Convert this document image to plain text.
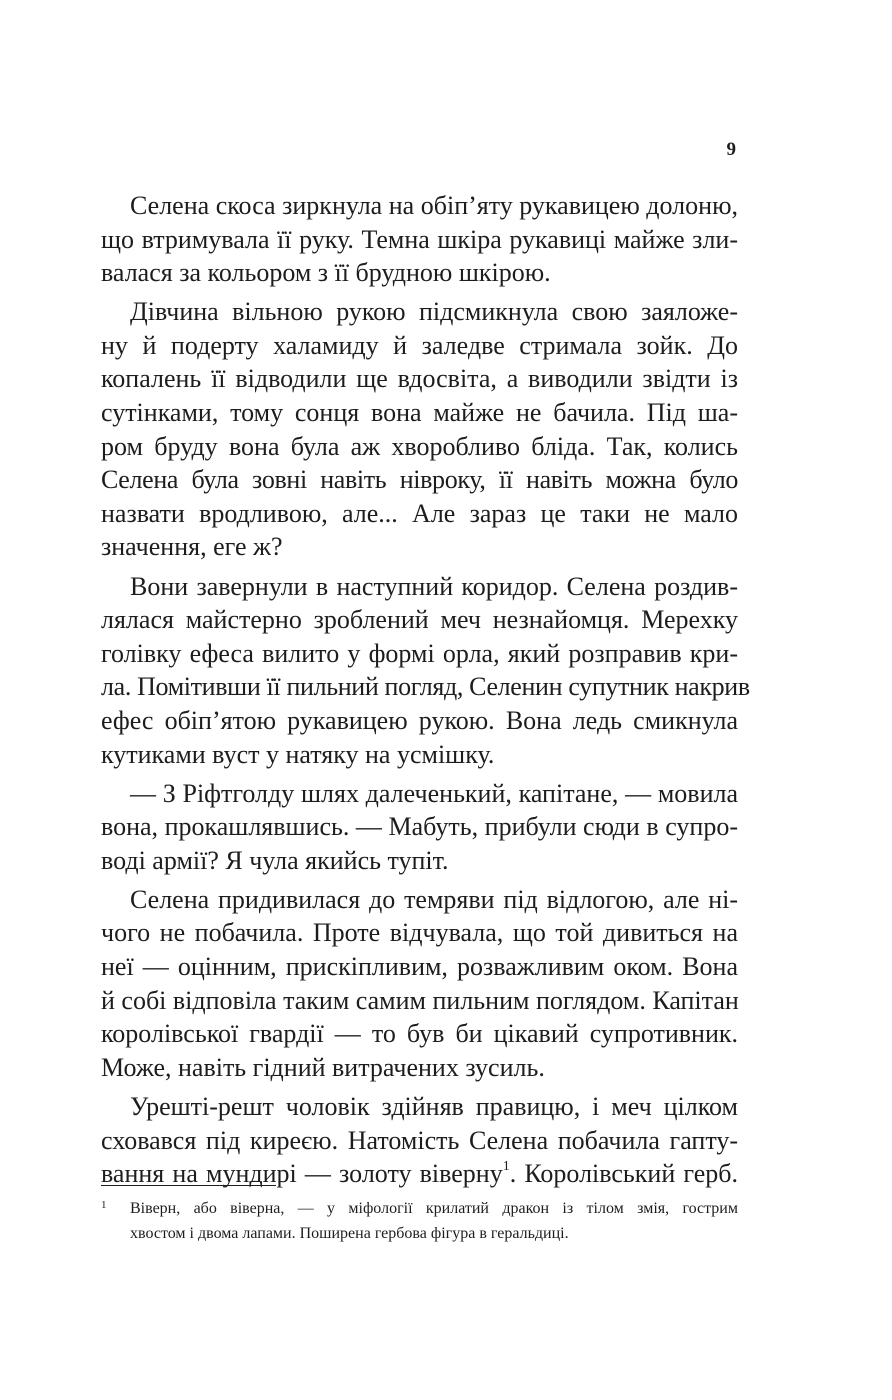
9
Селена скоса зиркнула на обіп’яту рукавицею долоню,
що втримувала її руку. Темна шкіра рукавиці майже зли-
валася за кольором з її брудною шкірою.
Дівчина вільною рукою підсмикнула свою заяложе-
ну й подерту халамиду й заледве стримала зойк. До
копалень її відводили ще вдосвіта, а виводили звідти із
сутінками, тому сонця вона майже не бачила. Під ша-
ром бруду вона була аж хворобливо бліда. Так, колись
Селена була зовні навіть нівроку, її навіть можна було
назвати вродливою, але... Але зараз це таки не мало
значення, еге ж?
Вони завернули в наступний коридор. Селена роздив-
лялася майстерно зроблений меч незнайомця. Мерехку
голівку ефеса вилито у формі орла, який розправив кри-
ла. Помітивши її пильний погляд, Селенин супутник накрив
ефес обіп’ятою рукавицею рукою. Вона ледь смикнула
кутиками вуст у натяку на усмішку.
— З Ріфтголду шлях далеченький, капітане, — мовила
вона, прокашлявшись. — Мабуть, прибули сюди в супро-
воді армії? Я чула якийсь тупіт.
Селена придивилася до темряви під відлогою, але ні-
чого не побачила. Проте відчувала, що той дивиться на
неї — оцінним, прискіпливим, розважливим оком. Вона
й собі відповіла таким самим пильним поглядом. Капітан
королівської гвардії — то був би цікавий супротивник.
Може, навіть гідний витрачених зусиль.
Урешті-решт чоловік здійняв правицю, і меч цілком
сховався під киреєю. Натомість Селена побачила гапту-
вання на мундирі — золоту віверну$^1$. Королівський герб.
1	Віверн, або віверна, — у міфології крилатий дракон із тілом змія, гострим
хвостом і двома лапами. Поширена гербова фігура в геральдиці.
